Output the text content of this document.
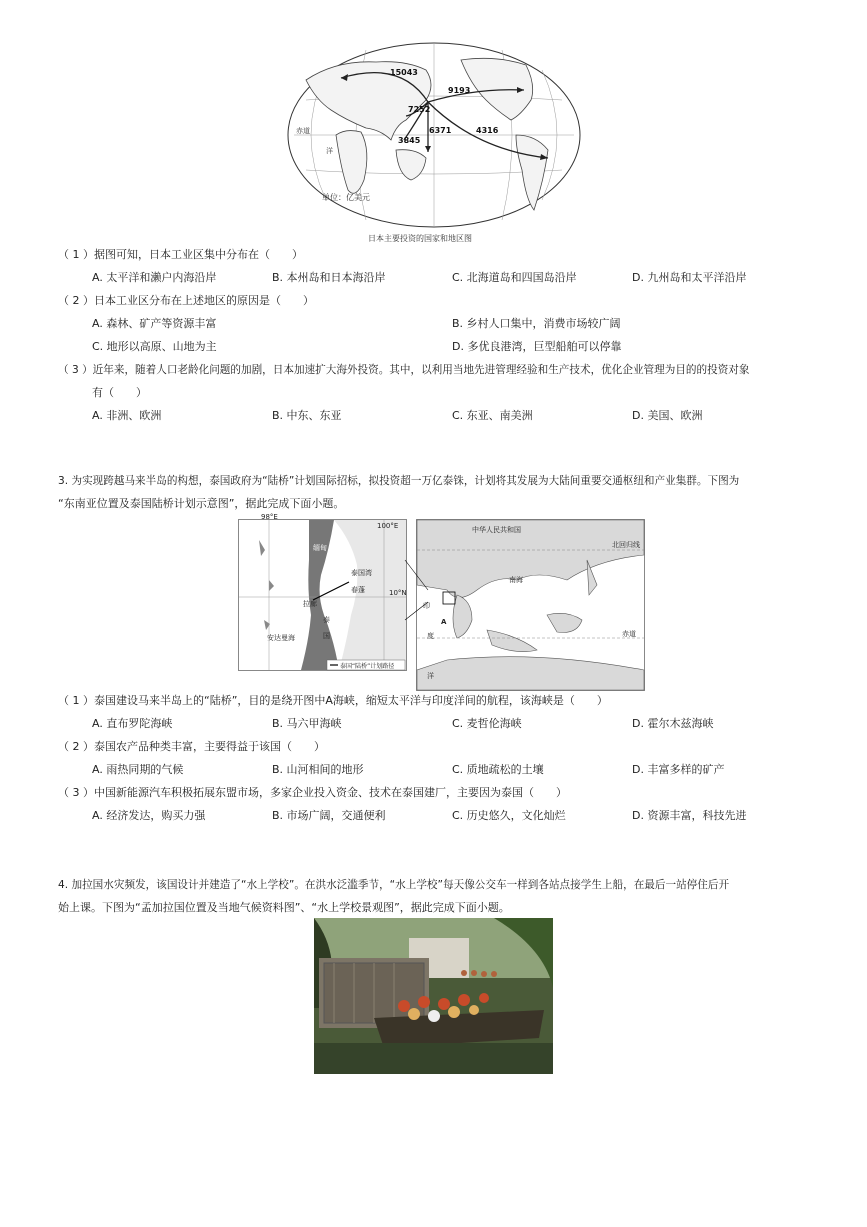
15043
9193
7252
6371	4316
3845
赤道
洋
单位：亿美元
日本主要投资的国家和地区图
（ 1 ）据图可知，日本工业区集中分布在（　　）
A. 太平洋和濑户内海沿岸	B. 本州岛和日本海沿岸	C. 北海道岛和四国岛沿岸	D. 九州岛和太平洋沿岸
（ 2 ）日本工业区分布在上述地区的原因是（　　）
A. 森林、矿产等资源丰富	B. 乡村人口集中，消费市场较广阔
C. 地形以高原、山地为主	D. 多优良港湾，巨型船舶可以停靠
（ 3 ）近年来，随着人口老龄化问题的加剧，日本加速扩大海外投资。其中，以利用当地先进管理经验和生产技术，优化企业管理为目的的投资对象
有（　　）
A. 非洲、欧洲	B. 中东、东亚	C. 东亚、南美洲	D. 美国、欧洲
3. 为实现跨越马来半岛的构想，泰国政府为“陆桥”计划国际招标，拟投资超一万亿泰铢，计划将其发展为大陆间重要交通枢纽和产业集群。下图为
“东南亚位置及泰国陆桥计划示意图”，据此完成下面小题。
98°E
100°E
10°N
缅甸
泰国湾
泰
国
安达曼海
拉廊
春蓬
泰国“陆桥”计划路径
中华人民共和国
北回归线
南海
赤道
印
度
洋
A
（ 1 ）泰国建设马来半岛上的“陆桥”，目的是绕开图中A海峡，缩短太平洋与印度洋间的航程，该海峡是（　　）
A. 直布罗陀海峡	B. 马六甲海峡	C. 麦哲伦海峡	D. 霍尔木兹海峡
（ 2 ）泰国农产品种类丰富，主要得益于该国（　　）
A. 雨热同期的气候	B. 山河相间的地形	C. 质地疏松的土壤	D. 丰富多样的矿产
（ 3 ）中国新能源汽车积极拓展东盟市场，多家企业投入资金、技术在泰国建厂，主要因为泰国（　　）
A. 经济发达，购买力强	B. 市场广阔，交通便利	C. 历史悠久，文化灿烂	D. 资源丰富，科技先进
4. 加拉国水灾频发，该国设计并建造了“水上学校”。在洪水泛滥季节，“水上学校”每天像公交车一样到各站点接学生上船，在最后一站停住后开
始上课。下图为“孟加拉国位置及当地气候资料图”、“水上学校景观图”，据此完成下面小题。
